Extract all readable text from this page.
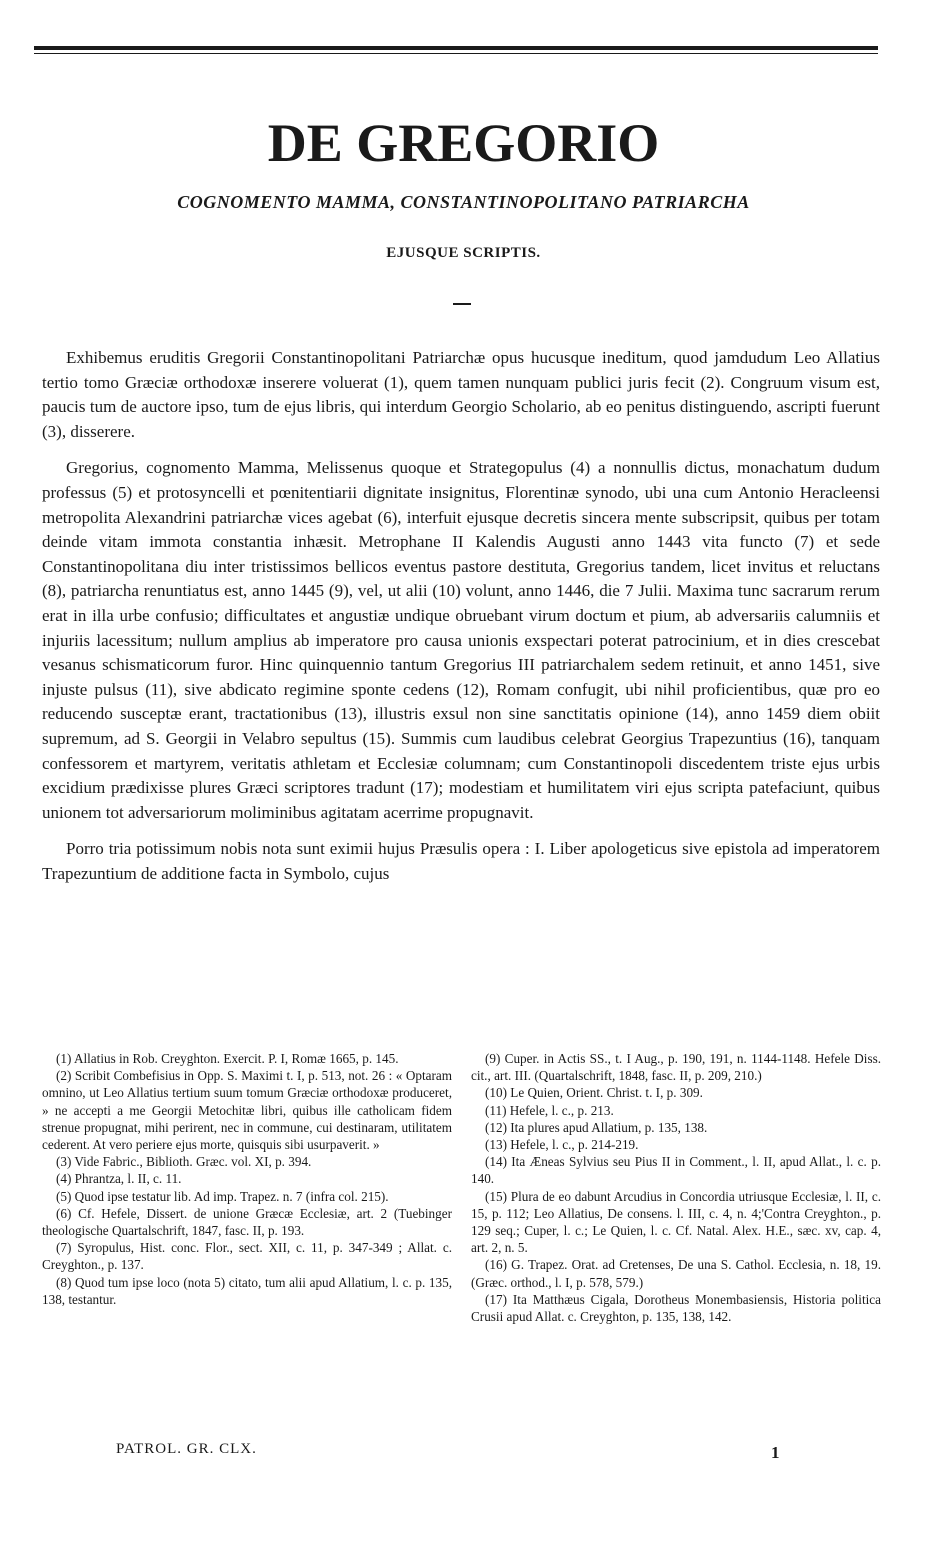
DE GREGORIO
COGNOMENTO MAMMA, CONSTANTINOPOLITANO PATRIARCHA
EJUSQUE SCRIPTIS.

Exhibemus eruditis Gregorii Constantinopolitani Patriarchæ opus hucusque ineditum, quod jamdudum Leo Allatius tertio tomo Græciæ orthodoxæ inserere voluerat (1), quem tamen nunquam publici juris fecit (2). Congruum visum est, paucis tum de auctore ipso, tum de ejus libris, qui interdum Georgio Scholario, ab eo penitus distinguendo, ascripti fuerunt (3), disserere.

Gregorius, cognomento Mamma, Melissenus quoque et Strategopulus (4) a nonnullis dictus, monachatum dudum professus (5) et protosyncelli et pœnitentiarii dignitate insignitus, Florentinæ synodo, ubi una cum Antonio Heracleensi metropolita Alexandrini patriarchæ vices agebat (6), interfuit ejusque decretis sincera mente subscripsit, quibus per totam deinde vitam immota constantia inhæsit. Metrophane II Kalendis Augusti anno 1443 vita functo (7) et sede Constantinopolitana diu inter tristissimos bellicos eventus pastore destituta, Gregorius tandem, licet invitus et reluctans (8), patriarcha renuntiatus est, anno 1445 (9), vel, ut alii (10) volunt, anno 1446, die 7 Julii. Maxima tunc sacrarum rerum erat in illa urbe confusio; difficultates et angustiæ undique obruebant virum doctum et pium, ab adversariis calumniis et injuriis lacessitum; nullum amplius ab imperatore pro causa unionis exspectari poterat patrocinium, et in dies crescebat vesanus schismaticorum furor. Hinc quinquennio tantum Gregorius III patriarchalem sedem retinuit, et anno 1451, sive injuste pulsus (11), sive abdicato regimine sponte cedens (12), Romam confugit, ubi nihil proficientibus, quæ pro eo reducendo susceptæ erant, tractationibus (13), illustris exsul non sine sanctitatis opinione (14), anno 1459 diem obiit supremum, ad S. Georgii in Velabro sepultus (15). Summis cum laudibus celebrat Georgius Trapezuntius (16), tanquam confessorem et martyrem, veritatis athletam et Ecclesiæ columnam; cum Constantinopoli discedentem triste ejus urbis excidium prædixisse plures Græci scriptores tradunt (17); modestiam et humilitatem viri ejus scripta patefaciunt, quibus unionem tot adversariorum moliminibus agitatam acerrime propugnavit.

Porro tria potissimum nobis nota sunt eximii hujus Præsulis opera : I. Liber apologeticus sive epistola ad imperatorem Trapezuntium de additione facta in Symbolo, cujus

(1) Allatius in Rob. Creyghton. Exercit. P. I, Romæ 1665, p. 145.

(2) Scribit Combefisius in Opp. S. Maximi t. I, p. 513, not. 26 : « Optaram omnino, ut Leo Allatius tertium suum tomum Græciæ orthodoxæ produceret, » ne accepti a me Georgii Metochitæ libri, quibus ille catholicam fidem strenue propugnat, mihi perirent, nec in commune, cui destinaram, utilitatem cederent. At vero periere ejus morte, quisquis sibi usurpaverit. »

(3) Vide Fabric., Biblioth. Græc. vol. XI, p. 394.

(4) Phrantza, l. II, c. 11.

(5) Quod ipse testatur lib. Ad imp. Trapez. n. 7 (infra col. 215).

(6) Cf. Hefele, Dissert. de unione Græcæ Ecclesiæ, art. 2 (Tuebinger theologische Quartalschrift, 1847, fasc. II, p. 193.

(7) Syropulus, Hist. conc. Flor., sect. XII, c. 11, p. 347-349 ; Allat. c. Creyghton., p. 137.

(8) Quod tum ipse loco (nota 5) citato, tum alii apud Allatium, l. c. p. 135, 138, testantur.

(9) Cuper. in Actis SS., t. I Aug., p. 190, 191, n. 1144-1148. Hefele Diss. cit., art. III. (Quartalschrift, 1848, fasc. II, p. 209, 210.)

(10) Le Quien, Orient. Christ. t. I, p. 309.

(11) Hefele, l. c., p. 213.

(12) Ita plures apud Allatium, p. 135, 138.

(13) Hefele, l. c., p. 214-219.

(14) Ita Æneas Sylvius seu Pius II in Comment., l. II, apud Allat., l. c. p. 140.

(15) Plura de eo dabunt Arcudius in Concordia utriusque Ecclesiæ, l. II, c. 15, p. 112; Leo Allatius, De consens. l. III, c. 4, n. 4;'Contra Creyghton., p. 129 seq.; Cuper, l. c.; Le Quien, l. c. Cf. Natal. Alex. H.E., sæc. xv, cap. 4, art. 2, n. 5.

(16) G. Trapez. Orat. ad Cretenses, De una S. Cathol. Ecclesia, n. 18, 19. (Græc. orthod., l. I, p. 578, 579.)

(17) Ita Matthæus Cigala, Dorotheus Monembasiensis, Historia politica Crusii apud Allat. c. Creyghton, p. 135, 138, 142.

PATROL. GR. CLX.	1
